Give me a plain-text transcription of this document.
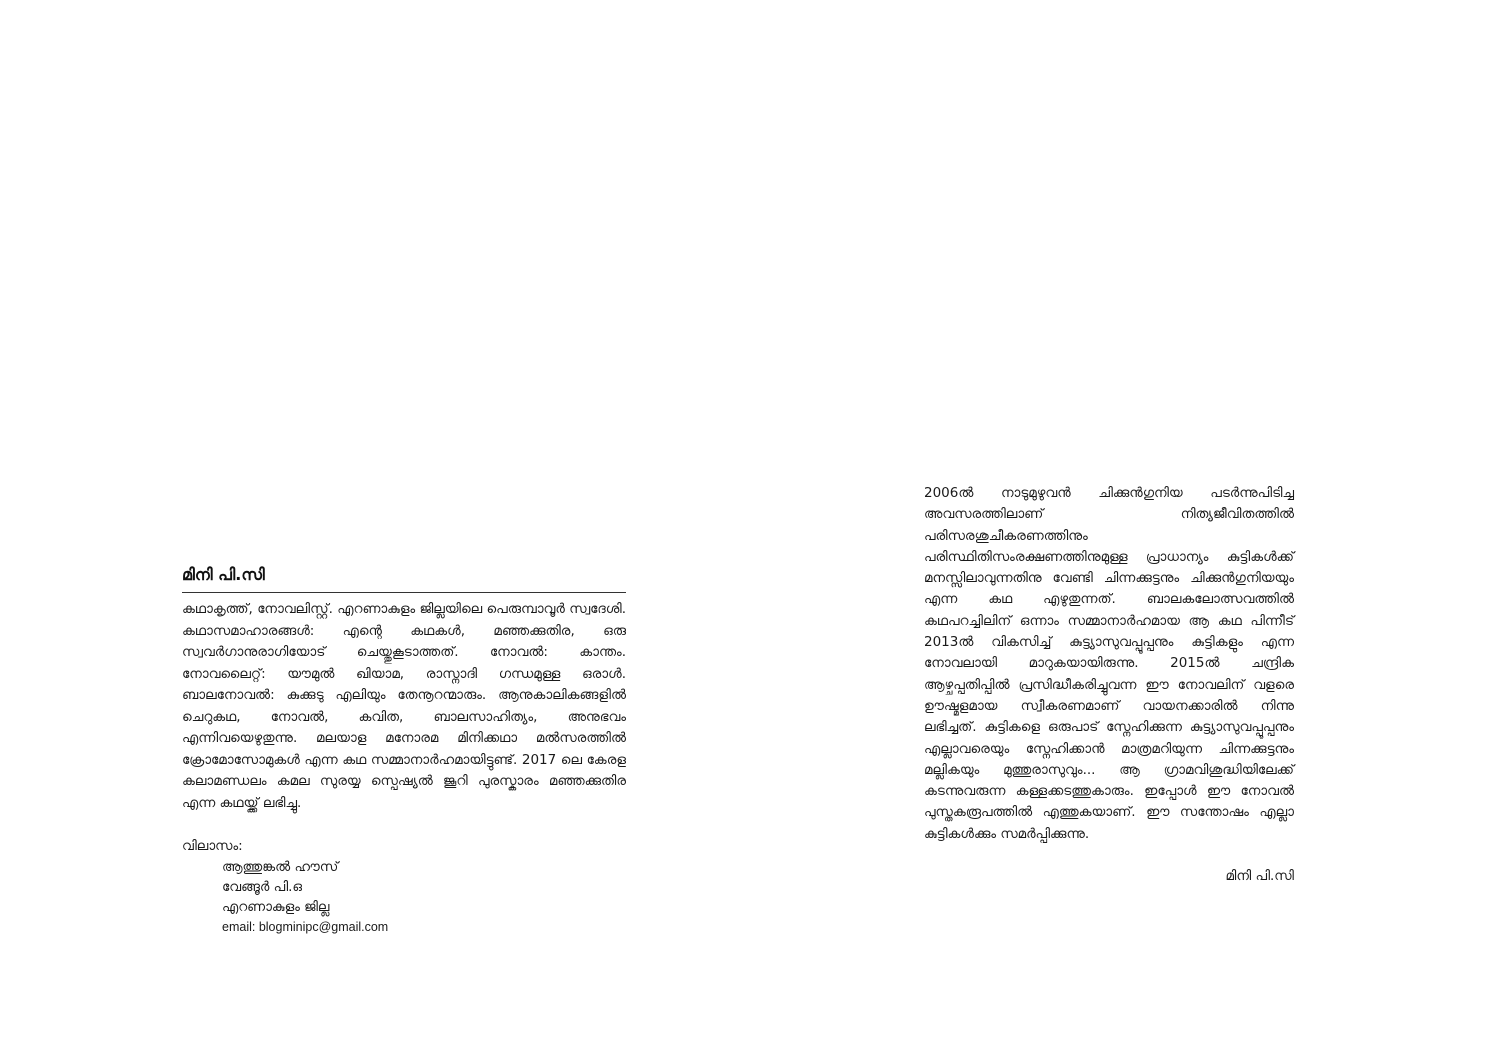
മിനി പി.സി

കഥാകൃത്ത്, നോവലിസ്റ്റ്. എറണാകുളം ജില്ലയിലെ പെരുമ്പാവൂർ സ്വദേശി. കഥാസമാഹാരങ്ങൾ: എന്റെ കഥകൾ, മഞ്ഞക്കുതിര, ഒരു സ്വവർഗാനുരാഗിയോട് ചെയ്തുകൂടാത്തത്. നോവൽ: കാന്തം. നോവലൈറ്റ്: യൗമുൽ ഖിയാമ, രാസ്നാദി ഗന്ധമുള്ള ഒരാൾ. ബാലനോവൽ: കുക്കുടു എലിയും തേനൂറന്മാരും. ആനുകാലികങ്ങളിൽ ചെറുകഥ, നോവൽ, കവിത, ബാലസാഹിത്യം, അനുഭവം എന്നിവയെഴുതുന്നു. മലയാള മനോരമ മിനിക്കഥാ മൽസരത്തിൽ ക്രോമോസോമുകൾ എന്ന കഥ സമ്മാനാർഹമായിട്ടുണ്ട്. 2017 ലെ കേരള കലാമണ്ഡലം കമല സുരയ്യ സ്പെഷ്യൽ ജൂറി പുരസ്കാരം മഞ്ഞക്കുതിര എന്ന കഥയ്ക്ക് ലഭിച്ചു.

വിലാസം:
ആത്തുങ്കൽ ഹൗസ്
വേങ്ങൂർ പി.ഒ
എറണാകുളം ജില്ല
email: blogminipc@gmail.com

2006ൽ നാടുമുഴുവൻ ചിക്കുൻഗുനിയ പടർന്നുപിടിച്ച അവസരത്തിലാണ് നിത്യജീവിതത്തിൽ പരിസരശുചീകരണത്തിനും പരിസ്ഥിതിസംരക്ഷണത്തിനുമുള്ള പ്രാധാന്യം കുട്ടികൾക്ക് മനസ്സിലാവുന്നതിനു വേണ്ടി ചിന്നക്കുട്ടനും ചിക്കുൻഗുനിയയും എന്ന കഥ എഴുതുന്നത്. ബാലകലോത്സവത്തിൽ കഥപറച്ചിലിന് ഒന്നാം സമ്മാനാർഹമായ ആ കഥ പിന്നീട് 2013ൽ വികസിച്ച് കുട്ട്യാസുവപ്പൂപ്പനും കുട്ടികളും എന്ന നോവലായി മാറുകയായിരുന്നു. 2015ൽ ചന്ദ്രിക ആഴ്ചപ്പതിപ്പിൽ പ്രസിദ്ധീകരിച്ചുവന്ന ഈ നോവലിന് വളരെ ഊഷ്മളമായ സ്വീകരണമാണ് വായനക്കാരിൽ നിന്നു ലഭിച്ചത്. കുട്ടികളെ ഒരുപാട് സ്നേഹിക്കുന്ന കുട്ട്യാസുവപ്പൂപ്പനും എല്ലാവരെയും സ്നേഹിക്കാൻ മാത്രമറിയുന്ന ചിന്നക്കുട്ടനും മല്ലികയും മുത്തുരാസുവും... ആ ഗ്രാമവിശുദ്ധിയിലേക്ക് കടന്നുവരുന്ന കള്ളക്കടത്തുകാരും. ഇപ്പോൾ ഈ നോവൽ പുസ്തകരൂപത്തിൽ എത്തുകയാണ്. ഈ സന്തോഷം എല്ലാ കുട്ടികൾക്കും സമർപ്പിക്കുന്നു.

മിനി പി.സി
